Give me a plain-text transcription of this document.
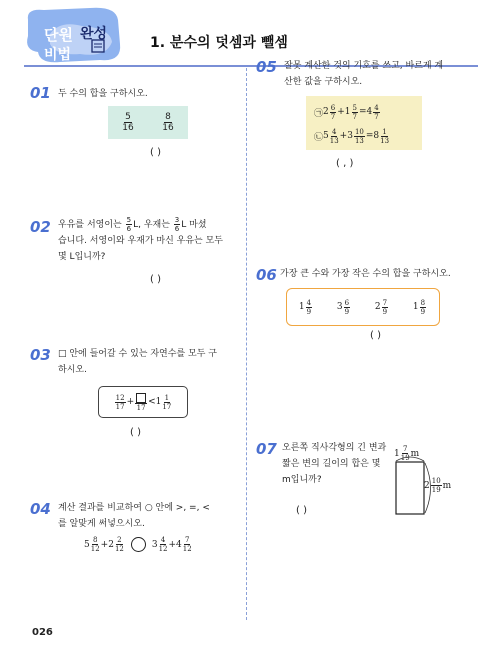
단원 완성
비법
1. 분수의 덧셈과 뺄셈
01 두 수의 합을 구하시오.
5
16
8
16
( )
02 우유를 서영이는 $\frac{5}{6} L$, 우재는 $\frac{3}{6}$ L 마셨
습니다. 서영이와 우재가 마신 우유는 모두
몇 L입니까?
( )
03 □ 안에 들어갈 수 있는 자연수를 모두 구
하시오.
$\frac{12}{17}$ +
17
$<1 \frac{1}{17}$
( )
04 계산 결과를 비교하여 ○ 안에 >, =, <
를 알맞게 써넣으시오.
$5 \frac{8}{12} +2 \frac{2}{12}$	$3 \frac{4}{12} +4 \frac{7}{12}$
05 잘못 계산한 것의 기호를 쓰고, 바르게 계
산한 값을 구하시오.
㉠ $2 \frac{6}{7} +1 \frac{5}{7} =4 \frac{4}{7}$
㉡ $5 \frac{4}{13} +3 \frac{10}{13} =8 \frac{1}{13}$
( , )
06 가장 큰 수와 가장 작은 수의 합을 구하시오.
$1 \frac{4}{9}$	$3 \frac{6}{9}$	$2 \frac{7}{9}$	$1 \frac{8}{9}$
( )
07 오른쪽 직사각형의 긴 변과
짧은 변의 길이의 합은 몇
m입니까?
$1 \frac{7}{19}$ m
$2 \frac{10}{19}$ m
( )
026
